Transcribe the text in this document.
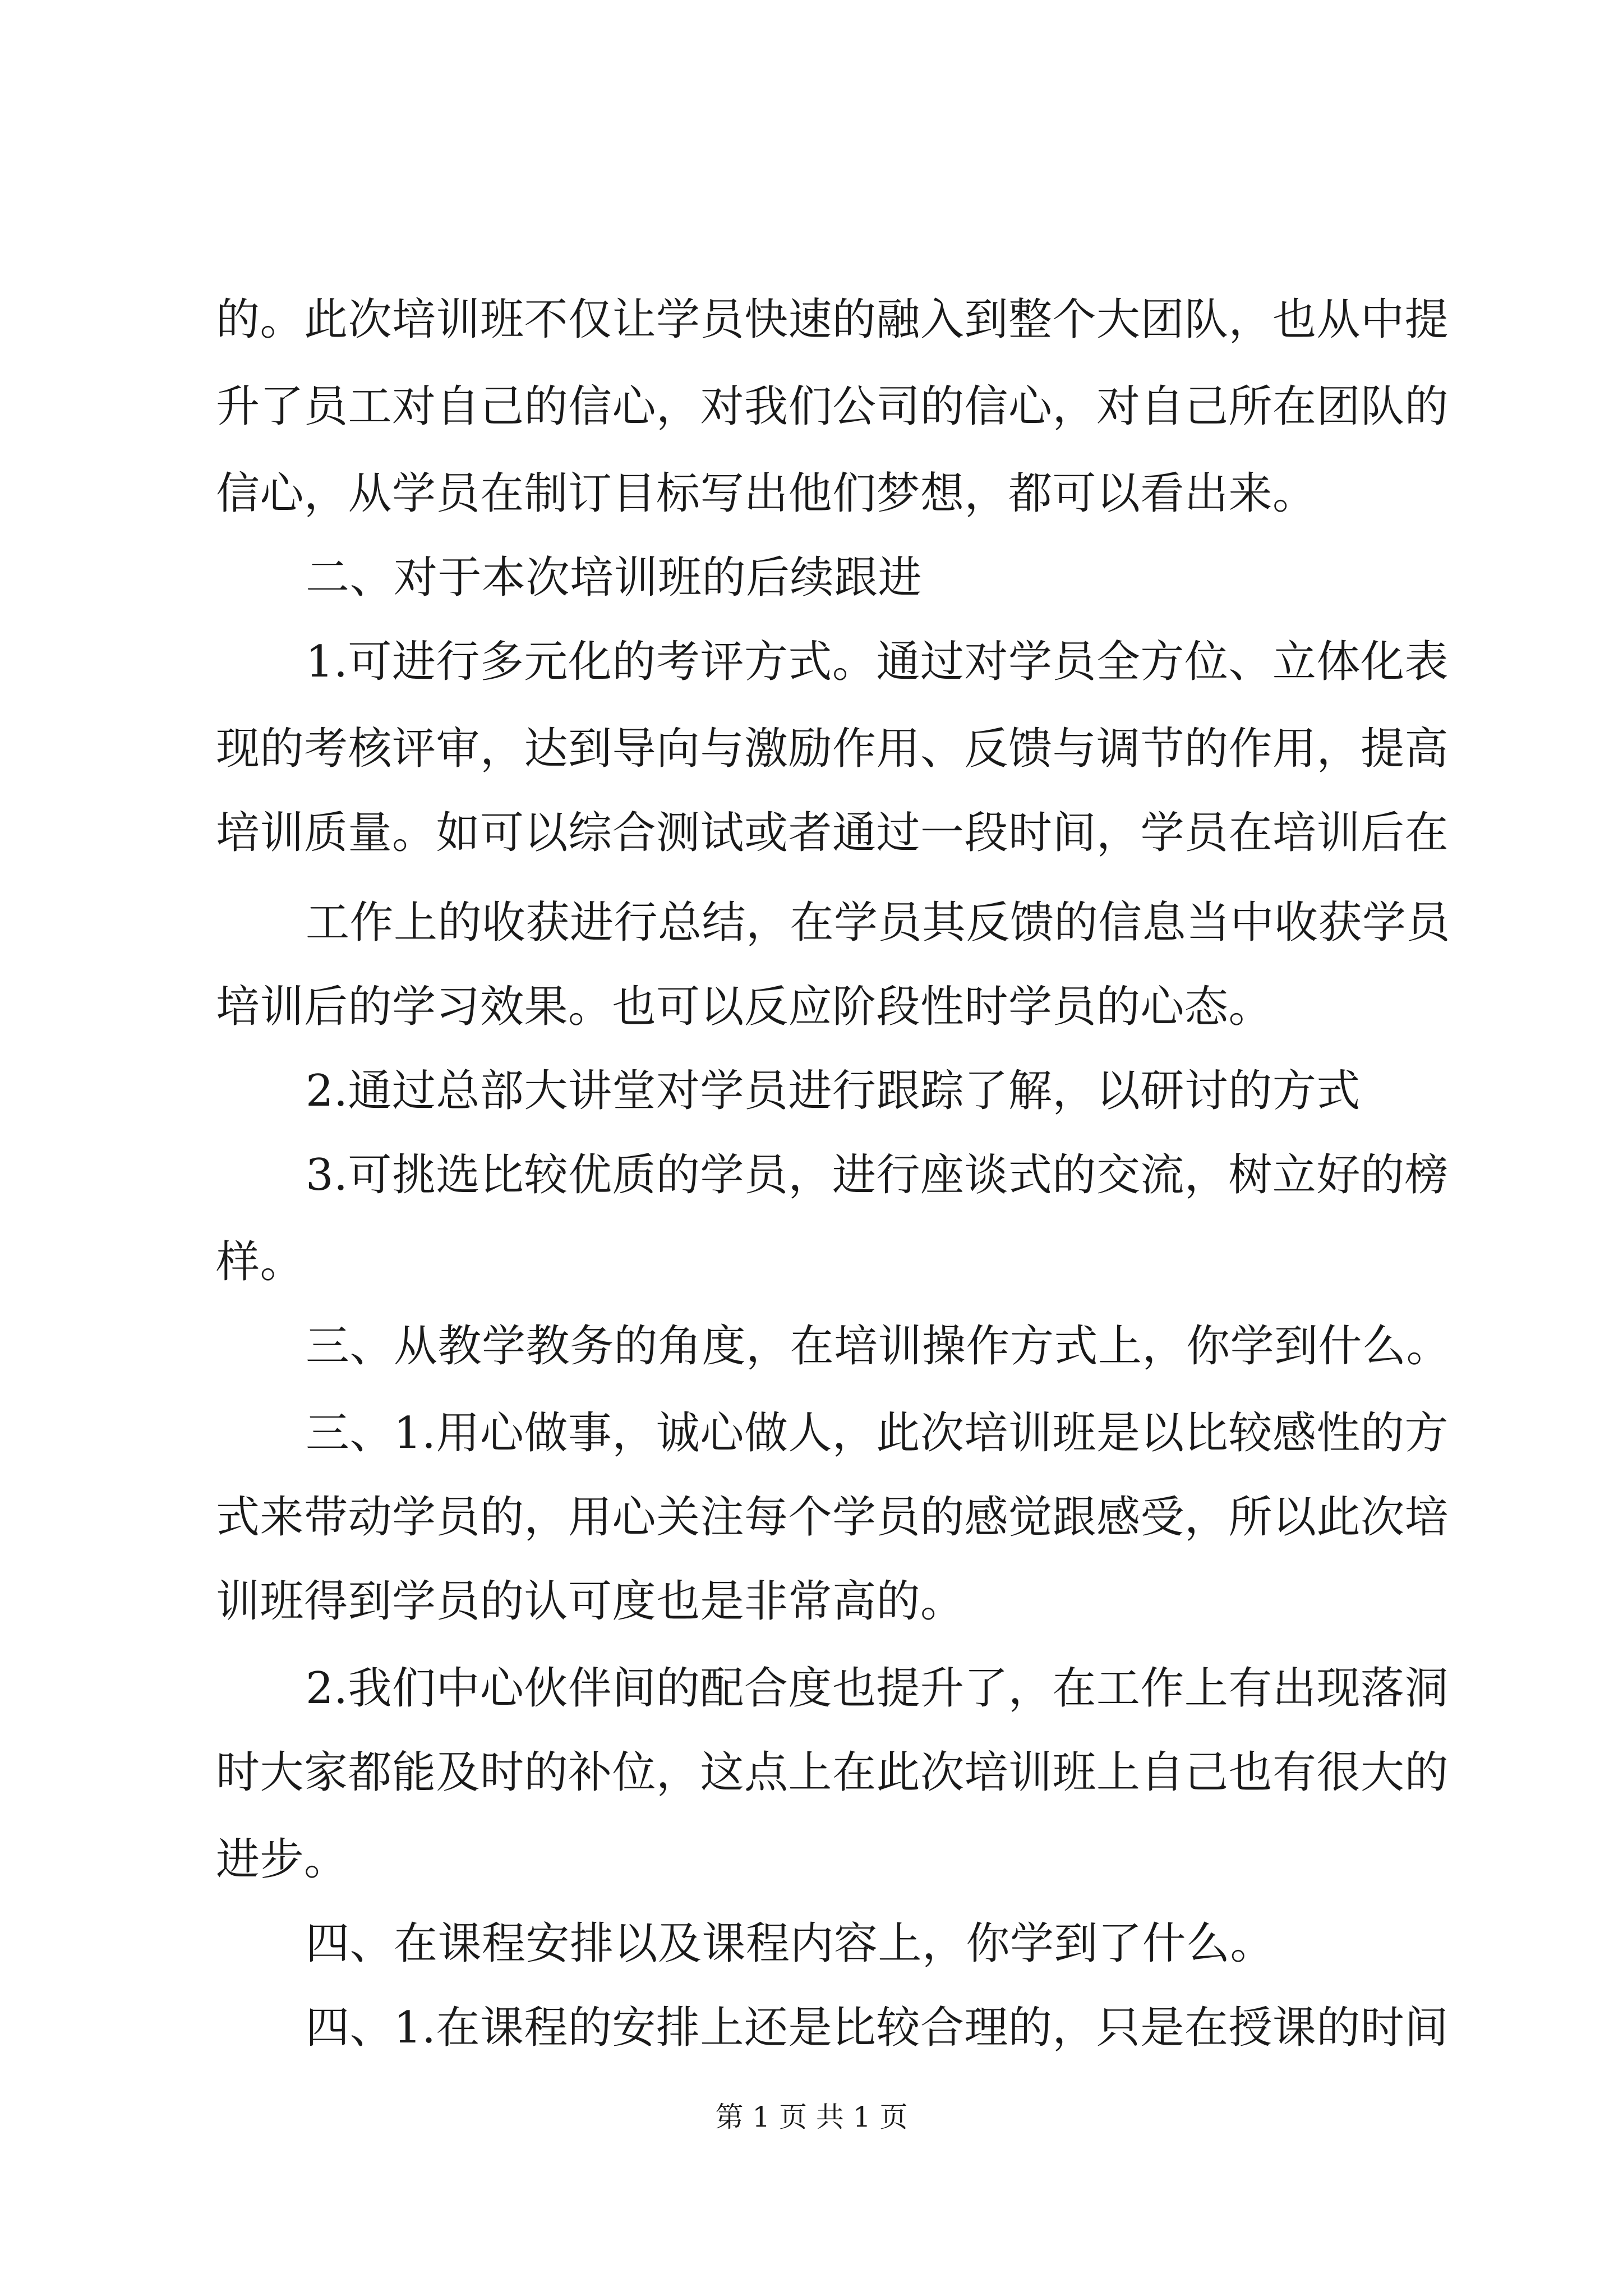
的。此次培训班不仅让学员快速的融入到整个大团队，也从中提
升了员工对自己的信心，对我们公司的信心，对自己所在团队的
信心，从学员在制订目标写出他们梦想，都可以看出来。
二、对于本次培训班的后续跟进
1.可进行多元化的考评方式。通过对学员全方位、立体化表
现的考核评审，达到导向与激励作用、反馈与调节的作用，提高
培训质量。如可以综合测试或者通过一段时间，学员在培训后在
工作上的收获进行总结，在学员其反馈的信息当中收获学员
培训后的学习效果。也可以反应阶段性时学员的心态。
2.通过总部大讲堂对学员进行跟踪了解，以研讨的方式
3.可挑选比较优质的学员，进行座谈式的交流，树立好的榜
样。
三、从教学教务的角度，在培训操作方式上，你学到什么。
三、1.用心做事，诚心做人，此次培训班是以比较感性的方
式来带动学员的，用心关注每个学员的感觉跟感受，所以此次培
训班得到学员的认可度也是非常高的。
2.我们中心伙伴间的配合度也提升了，在工作上有出现落洞
时大家都能及时的补位，这点上在此次培训班上自己也有很大的
进步。
四、在课程安排以及课程内容上，你学到了什么。
四、1.在课程的安排上还是比较合理的，只是在授课的时间
第 1 页 共 1 页
